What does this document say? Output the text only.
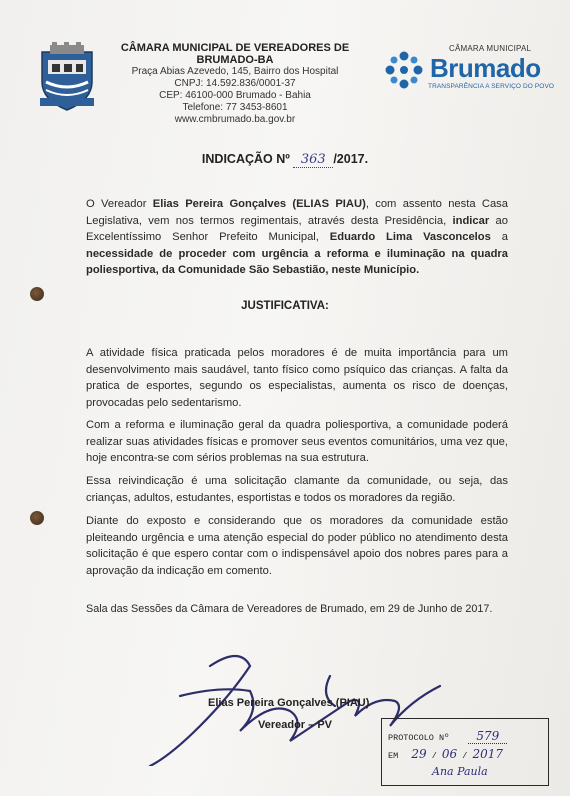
CÂMARA MUNICIPAL DE VEREADORES DE BRUMADO-BA
Praça Abias Azevedo, 145, Bairro dos Hospital
CNPJ: 14.592.836/0001-37
CEP: 46100-000 Brumado - Bahia
Telefone: 77 3453-8601
www.cmbrumado.ba.gov.br
CÂMARA MUNICIPAL
Brumado
TRANSPARÊNCIA A SERVIÇO DO POVO
INDICAÇÃO Nº 363 /2017.
O Vereador Elias Pereira Gonçalves (ELIAS PIAU), com assento nesta Casa Legislativa, vem nos termos regimentais, através desta Presidência, indicar ao Excelentíssimo Senhor Prefeito Municipal, Eduardo Lima Vasconcelos a necessidade de proceder com urgência a reforma e iluminação na quadra poliesportiva, da Comunidade São Sebastião, neste Município.
JUSTIFICATIVA:
A atividade física praticada pelos moradores é de muita importância para um desenvolvimento mais saudável, tanto físico como psíquico das crianças. A falta da pratica de esportes, segundo os especialistas, aumenta os risco de doenças, provocadas pelo sedentarismo.
Com a reforma e iluminação geral da quadra poliesportiva, a comunidade poderá realizar suas atividades físicas e promover seus eventos comunitários, uma vez que, hoje encontra-se com sérios problemas na sua estrutura.
Essa reivindicação é uma solicitação clamante da comunidade, ou seja, das crianças, adultos, estudantes, esportistas e todos os moradores da região.
Diante do exposto e considerando que os moradores da comunidade estão pleiteando urgência e uma atenção especial do poder público no atendimento desta solicitação é que espero contar com o indispensável apoio dos nobres pares para a aprovação da indicação em comento.
Sala das Sessões da Câmara de Vereadores de Brumado, em 29 de Junho de 2017.
Elias Pereira Gonçalves (PIAU)
Vereador – PV
PROTOCOLO Nº 579
EM 29 / 06 / 2017
Ana Paula
